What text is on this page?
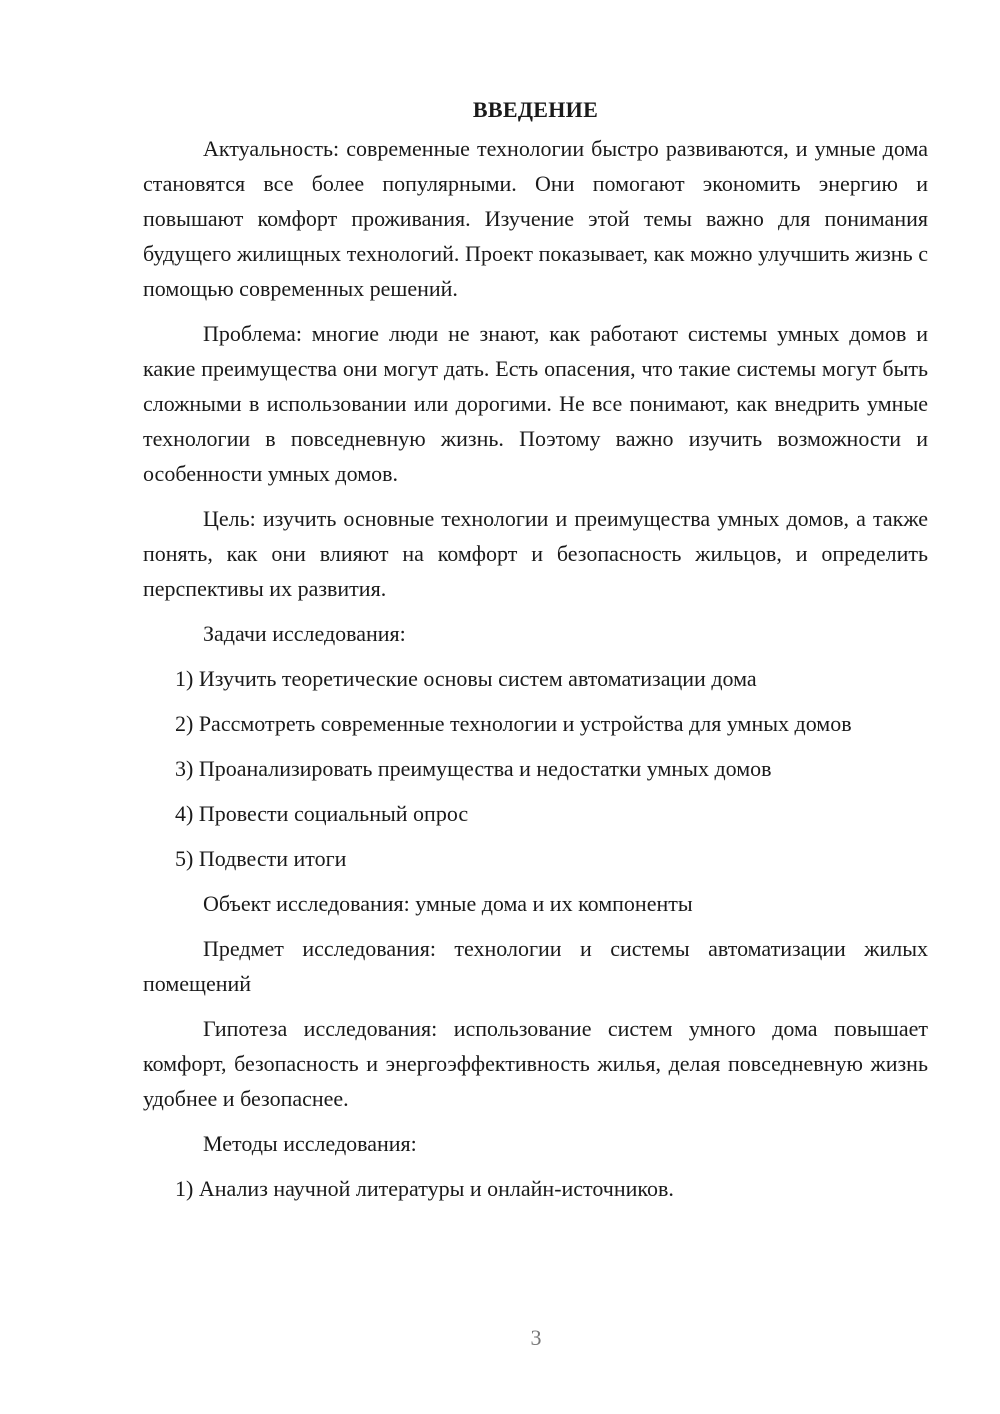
ВВЕДЕНИЕ

Актуальность: современные технологии быстро развиваются, и умные дома становятся все более популярными. Они помогают экономить энергию и повышают комфорт проживания. Изучение этой темы важно для понимания будущего жилищных технологий. Проект показывает, как можно улучшить жизнь с помощью современных решений.

Проблема: многие люди не знают, как работают системы умных домов и какие преимущества они могут дать. Есть опасения, что такие системы могут быть сложными в использовании или дорогими. Не все понимают, как внедрить умные технологии в повседневную жизнь. Поэтому важно изучить возможности и особенности умных домов.

Цель: изучить основные технологии и преимущества умных домов, а также понять, как они влияют на комфорт и безопасность жильцов, и определить перспективы их развития.

Задачи исследования:

1) Изучить теоретические основы систем автоматизации дома

2) Рассмотреть современные технологии и устройства для умных домов

3) Проанализировать преимущества и недостатки умных домов

4) Провести социальный опрос

5) Подвести итоги

Объект исследования: умные дома и их компоненты

Предмет исследования: технологии и системы автоматизации жилых помещений

Гипотеза исследования: использование систем умного дома повышает комфорт, безопасность и энергоэффективность жилья, делая повседневную жизнь удобнее и безопаснее.

Методы исследования:

1) Анализ научной литературы и онлайн-источников.

3
